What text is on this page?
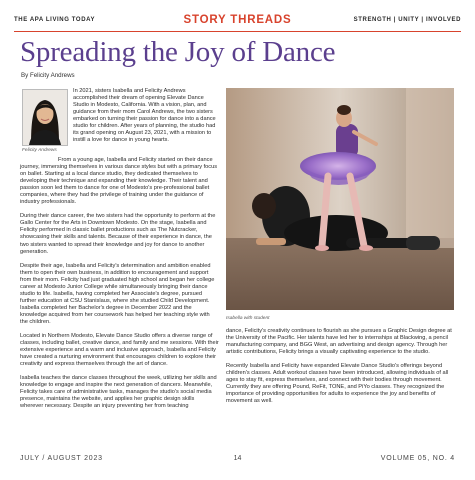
THE APA LIVING TODAY	STORY THREADS	STRENGTH | UNITY | INVOLVED
Spreading the Joy of Dance
By Felicity Andrews
Felicity Andrews

In 2021, sisters Isabella and Felicity Andrews accomplished their dream of opening Elevate Dance Studio in Modesto, California. With a vision, plan, and guidance from their mom Carol Andrews, the two sisters embarked on turning their passion for dance into a dance studio for children. After years of planning, the studio had its grand opening on August 23, 2021, with a mission to instill a love for dance in young hearts.

From a young age, Isabella and Felicity started on their dance journey, immersing themselves in various dance styles but with a primary focus on ballet. Starting at a local dance studio, they dedicated themselves to developing their technique and expanding their knowledge. Their talent and passion soon led them to dance for one of Modesto's pre-professional ballet companies, where they had the privilege of training under the guidance of industry professionals.

During their dance career, the two sisters had the opportunity to perform at the Gallo Center for the Arts in Downtown Modesto. On the stage, Isabella and Felicity performed in classic ballet productions such as The Nutcracker, showcasing their skills and talents. Because of their experience in dance, the two sisters wanted to spread their knowledge and joy for dance to another generation.

Despite their age, Isabella and Felicity's determination and ambition enabled them to open their own business, in addition to encouragement and support from their mom. Felicity had just graduated high school and began her college career at Modesto Junior College while simultaneously bringing their dance studio to life. Isabella, having completed her Associate's degree, pursued further education at CSU Stanislaus, where she studied Child Development. Isabella completed her Bachelor's degree in December 2022 and the knowledge acquired from her coursework has helped her teaching style with the children.

Located in Northern Modesto, Elevate Dance Studio offers a diverse range of classes, including ballet, creative dance, and family and me sessions. With their extensive experience and a warm and inclusive approach, Isabella and Felicity have created a nurturing environment that encourages children to explore their creativity and express themselves through the art of dance.

Isabella teaches the dance classes throughout the week, utilizing her skills and knowledge to engage and inspire the next generation of dancers. Meanwhile, Felicity takes care of administrative tasks, manages the studio's social media presence, maintains the website, and applies her graphic design skills wherever necessary. Despite an injury preventing her from teaching

Isabella with student

dance, Felicity's creativity continues to flourish as she pursues a Graphic Design degree at the University of the Pacific. Her talents have led her to internships at Blackwing, a pencil manufacturing company, and BGG West, an advertising and design agency. Through her artistic contributions, Felicity brings a visually captivating experience to the studio.

Recently Isabella and Felicity have expanded Elevate Dance Studio's offerings beyond children's classes. Adult workout classes have been introduced, allowing individuals of all ages to stay fit, express themselves, and connect with their bodies through movement. Currently they are offering Pound, ReFit, TONE, and PiYo classes. They recognized the importance of providing opportunities for adults to experience the joy and benefits of movement as well.

JULY / AUGUST 2023	14	VOLUME 05, NO. 4
